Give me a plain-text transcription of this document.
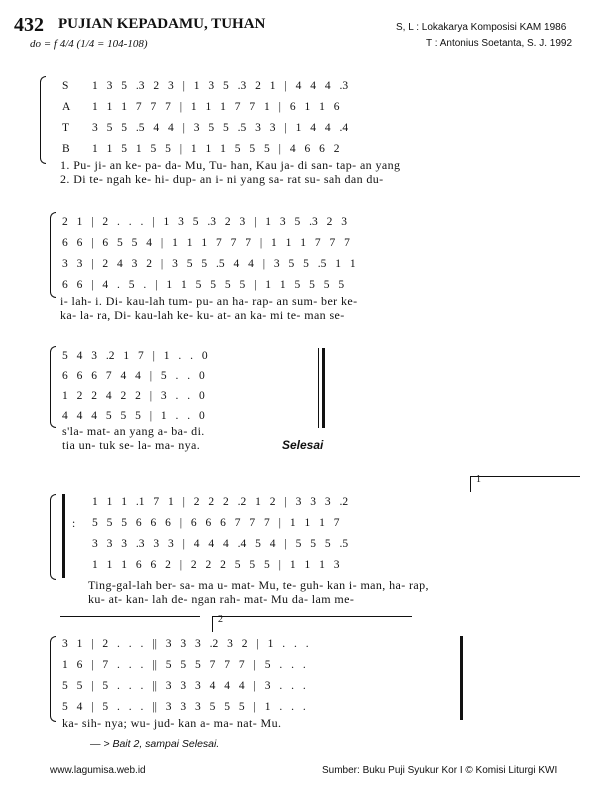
432 PUJIAN KEPADAMU, TUHAN
do = f 4/4 (1/4 = 104-108)
S, L : Lokakarya Komposisi KAM 1986
T : Antonius Soetanta, S. J. 1992
S
A
T
B
1 3 5 .3 2 3 | 1 3 5 .3 2 1 | 4 4 4 .3
1 1 1 7 7 7 | 1 1 1 7 7 1 | 6 1 1 6
3 5 5 .5 4 4 | 3 5 5 .5 3 3 | 1 4 4 .4
1 1 5 1 5 5 | 1 1 1 5 5 5 | 4 6 6 2
1. Pu- ji- an ke- pa- da- Mu, Tu- han, Kau ja- di san- tap- an yang
2. Di te- ngah ke- hi- dup- an i- ni yang sa- rat su- sah dan du-
2 1 | 2 . . . | 1 3 5 .3 2 3 | 1 3 5 .3 2 3
6 6 | 6 5 5 4 | 1 1 1 7 7 7 | 1 1 1 7 7 7
3 3 | 2 4 3 2 | 3 5 5 .5 4 4 | 3 5 5 .5 1 1
6 6 | 4 . 5 . | 1 1 5 5 5 5 | 1 1 5 5 5 5
i- lah- i. Di- kau-lah tum- pu- an ha- rap- an sum- ber ke-
ka- la- ra, Di- kau-lah ke- ku- at- an ka- mi te- man se-
5 4 3 .2 1 7 | 1 . . 0
6 6 6 7 4 4 | 5 . . 0
1 2 2 4 2 2 | 3 . . 0
4 4 4 5 5 5 | 1 . . 0
s'la- mat- an yang a- ba- di.
tia un- tuk se- la- ma- nya.	Selesai
1
:
1 1 1 .1 7 1 | 2 2 2 .2 1 2 | 3 3 3 .2
5 5 5 6 6 6 | 6 6 6 7 7 7 | 1 1 1 7
3 3 3 .3 3 3 | 4 4 4 .4 5 4 | 5 5 5 .5
1 1 1 6 6 2 | 2 2 2 5 5 5 | 1 1 1 3
Ting-gal-lah ber- sa- ma u- mat- Mu, te- guh- kan i- man, ha- rap,
ku- at- kan- lah de- ngan rah- mat- Mu da- lam me-
2
3 1 | 2 . . . || 3 3 3 .2 3 2 | 1 . . .
1 6 | 7 . . . || 5 5 5 7 7 7 | 5 . . .
5 5 | 5 . . . || 3 3 3 4 4 4 | 3 . . .
5 4 | 5 . . . || 3 3 3 5 5 5 | 1 . . .
ka- sih- nya; wu- jud- kan a- ma- nat- Mu.
— > Bait 2, sampai Selesai.
www.lagumisa.web.id	Sumber: Buku Puji Syukur Kor I © Komisi Liturgi KWI
